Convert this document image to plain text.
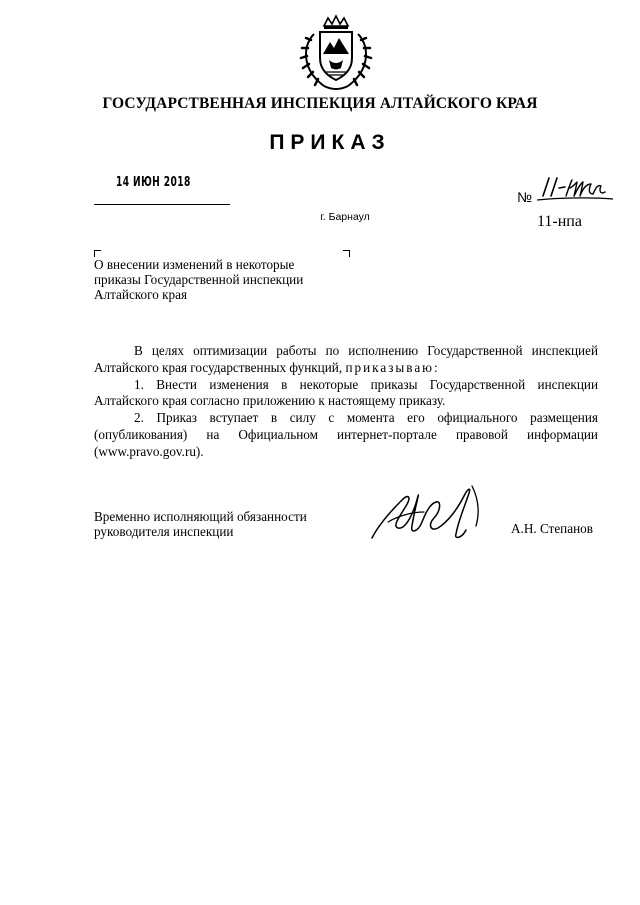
ГОСУДАРСТВЕННАЯ ИНСПЕКЦИЯ АЛТАЙСКОГО КРАЯ
ПРИКАЗ
14 ИЮН 2018
№
11-нпа
г. Барнаул
О внесении изменений в некоторые
приказы Государственной инспекции
Алтайского края

В целях оптимизации работы по исполнению Государственной инспекцией

Алтайского края государственных функций, приказываю:

1. Внести изменения в некоторые приказы Государственной инспекции

Алтайского края согласно приложению к настоящему приказу.

2. Приказ вступает в силу с момента его официального размещения

(опубликования) на Официальном интернет-портале правовой информации

(www.pravo.gov.ru).

Временно исполняющий обязанности
руководителя инспекции	А.Н. Степанов
